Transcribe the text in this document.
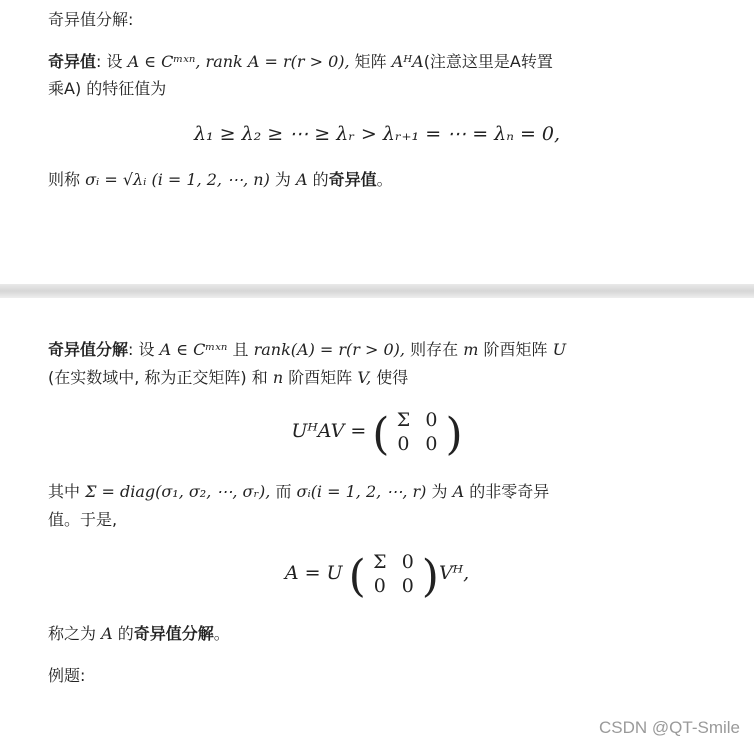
奇异值分解:
奇异值: 设 A ∈ Cᵐˣⁿ, rank A = r(r > 0), 矩阵 AᴴA(注意这里是A转置
乘A) 的特征值为
λ₁ ≥ λ₂ ≥ ⋯ ≥ λᵣ > λᵣ₊₁ = ⋯ = λₙ = 0,
则称 σᵢ = √λᵢ (i = 1, 2, ⋯, n) 为 A 的奇异值。
奇异值分解: 设 A ∈ Cᵐˣⁿ 且 rank(A) = r(r > 0), 则存在 m 阶酉矩阵 U
(在实数域中, 称为正交矩阵) 和 n 阶酉矩阵 V, 使得
UᴴAV = ( Σ 0
0 0 )
其中 Σ = diag(σ₁, σ₂, ⋯, σᵣ), 而 σᵢ(i = 1, 2, ⋯, r) 为 A 的非零奇异
值。于是,
A = U ( Σ 0
0 0 )Vᴴ,
称之为 A 的奇异值分解。
例题:
CSDN @QT-Smile
